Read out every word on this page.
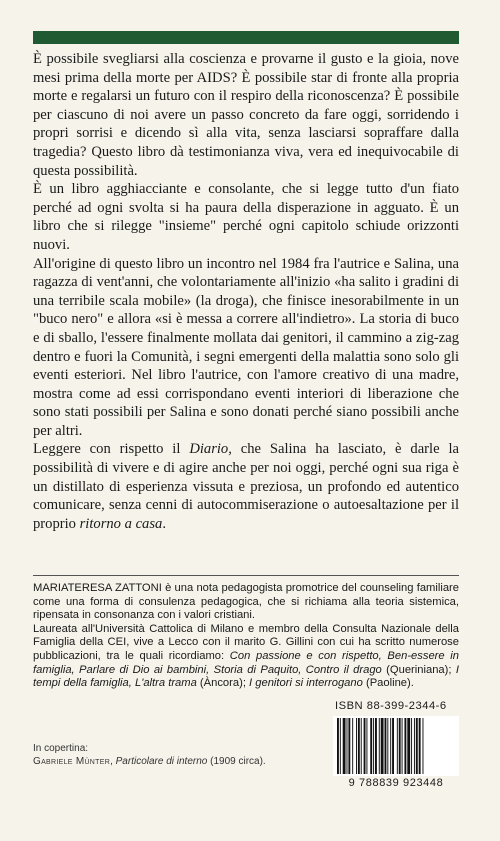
È possibile svegliarsi alla coscienza e provarne il gusto e la gioia, nove mesi prima della morte per AIDS? È possibile star di fronte alla propria morte e regalarsi un futuro con il respiro della riconoscenza? È possibile per ciascuno di noi avere un passo concreto da fare oggi, sorridendo i propri sorrisi e dicendo sì alla vita, senza lasciarsi sopraffare dalla tragedia? Questo libro dà testimonianza viva, vera ed inequivocabile di questa possibilità.

È un libro agghiacciante e consolante, che si legge tutto d'un fiato perché ad ogni svolta si ha paura della disperazione in agguato. È un libro che si rilegge "insieme" perché ogni capitolo schiude orizzonti nuovi.

All'origine di questo libro un incontro nel 1984 fra l'autrice e Salina, una ragazza di vent'anni, che volontariamente all'inizio «ha salito i gradini di una terribile scala mobile» (la droga), che finisce inesorabilmente in un "buco nero" e allora «si è messa a correre all'indietro». La storia di buco e di sballo, l'essere finalmente mollata dai genitori, il cammino a zig-zag dentro e fuori la Comunità, i segni emergenti della malattia sono solo gli eventi esteriori. Nel libro l'autrice, con l'amore creativo di una madre, mostra come ad essi corrispondano eventi interiori di liberazione che sono stati possibili per Salina e sono donati perché siano possibili anche per altri.

Leggere con rispetto il Diario, che Salina ha lasciato, è darle la possibilità di vivere e di agire anche per noi oggi, perché ogni sua riga è un distillato di esperienza vissuta e preziosa, un profondo ed autentico comunicare, senza cenni di autocommiserazione o autoesaltazione per il proprio ritorno a casa.

MARIATERESA ZATTONI è una nota pedagogista promotrice del counseling familiare come una forma di consulenza pedagogica, che si richiama alla teoria sistemica, ripensata in consonanza con i valori cristiani.

Laureata all'Università Cattolica di Milano e membro della Consulta Nazionale della Famiglia della CEI, vive a Lecco con il marito G. Gillini con cui ha scritto numerose pubblicazioni, tra le quali ricordiamo: Con passione e con rispetto, Ben-essere in famiglia, Parlare di Dio ai bambini, Storia di Paquito, Contro il drago (Queriniana); I tempi della famiglia, L'altra trama (Àncora); I genitori si interrogano (Paoline).

ISBN 88-399-2344-6
In copertina:
Gabriele Münter, Particolare di interno (1909 circa).
9 788839 923448
